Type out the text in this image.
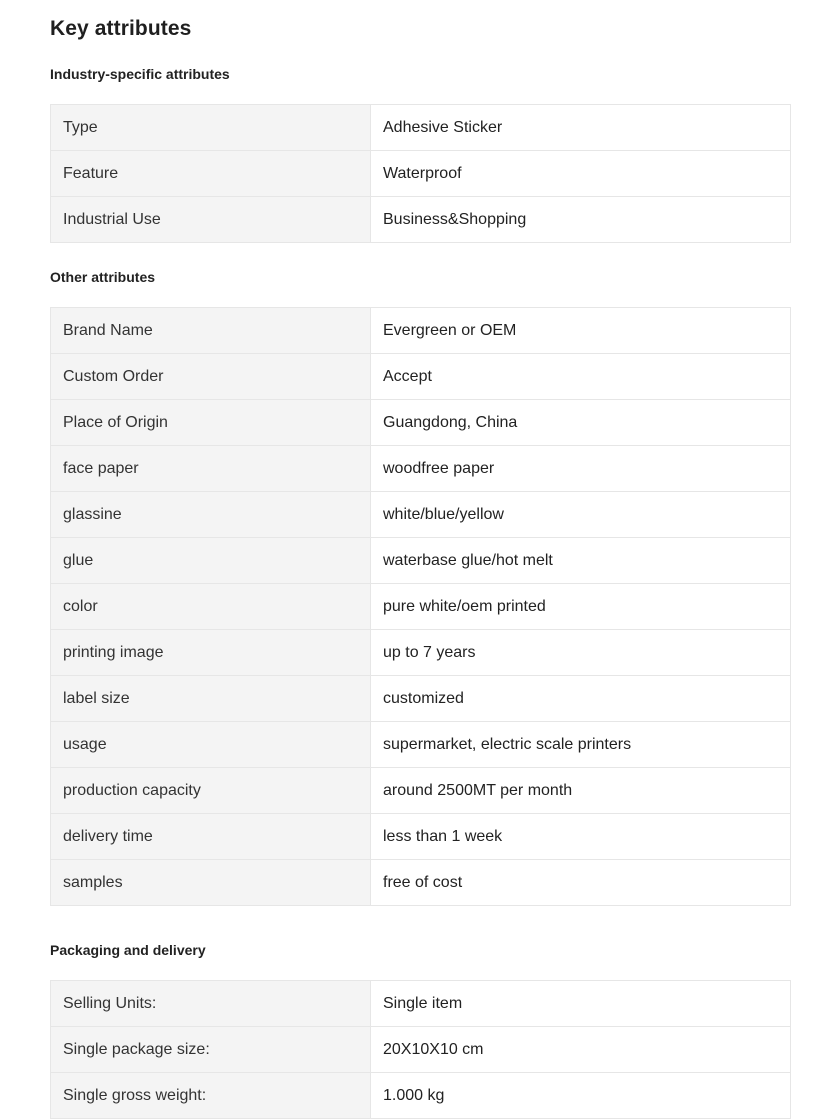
Key attributes
Industry-specific attributes
Type	Adhesive Sticker
Feature	Waterproof
Industrial Use	Business&Shopping
Other attributes
Brand Name	Evergreen or OEM
Custom Order	Accept
Place of Origin	Guangdong, China
face paper	woodfree paper
glassine	white/blue/yellow
glue	waterbase glue/hot melt
color	pure white/oem printed
printing image	up to 7 years
label size	customized
usage	supermarket, electric scale printers
production capacity	around 2500MT per month
delivery time	less than 1 week
samples	free of cost
Packaging and delivery
Selling Units:	Single item
Single package size:	20X10X10 cm
Single gross weight:	1.000 kg
